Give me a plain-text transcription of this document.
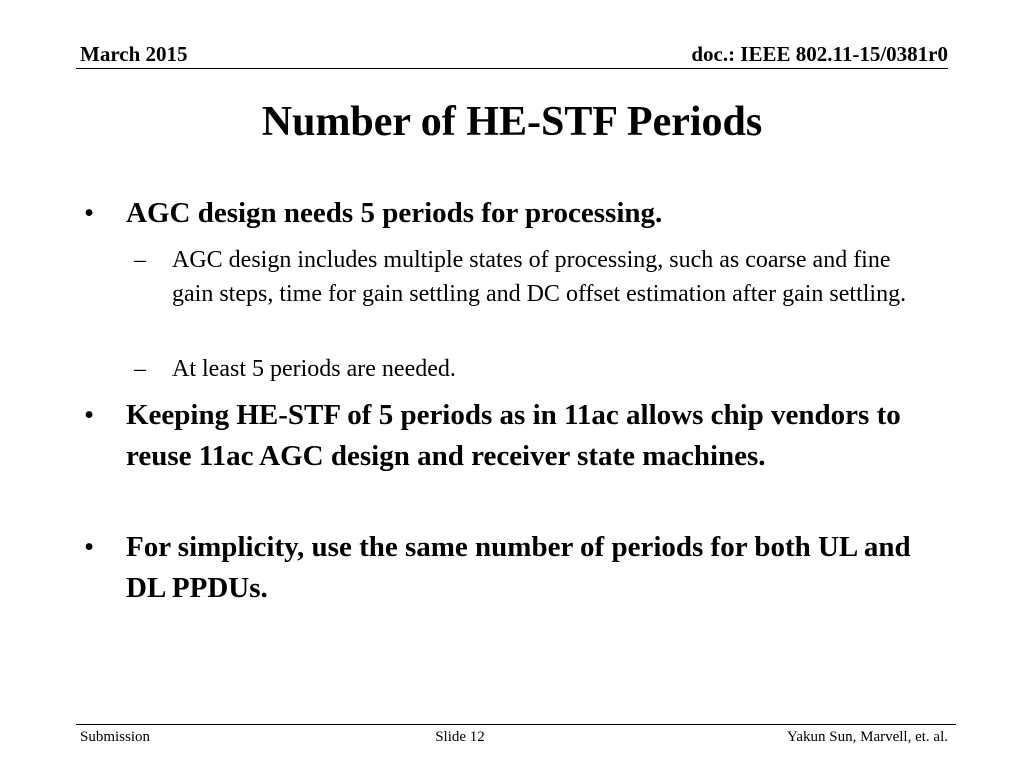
March 2015	doc.: IEEE 802.11-15/0381r0
Number of HE-STF Periods
•	AGC design needs 5 periods for processing.
–	AGC design includes multiple states of processing, such as coarse and fine gain steps, time for gain settling and DC offset estimation after gain settling.
–	At least 5 periods are needed.
•	Keeping HE-STF of 5 periods as in 11ac allows chip vendors to reuse 11ac AGC design and receiver state machines.
•	For simplicity, use the same number of periods for both UL and DL PPDUs.
Submission	Slide 12	Yakun Sun, Marvell, et. al.
